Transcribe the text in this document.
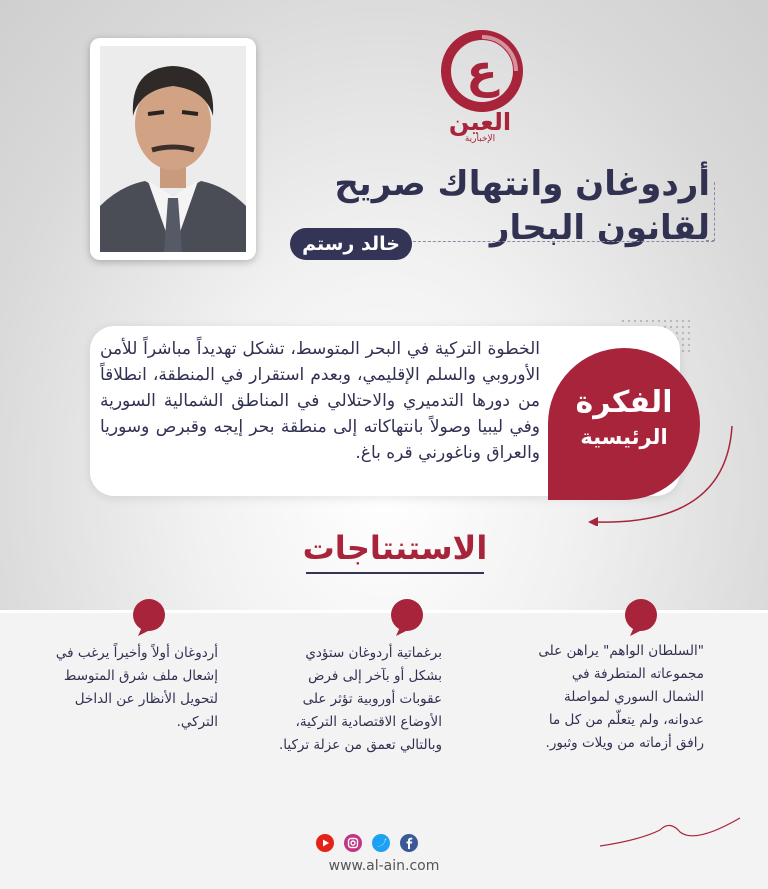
ع
العين
الإخبارية
أردوغان وانتهاك صريح لقانون البحار
خالد رستم
الخطوة التركية في البحر المتوسط، تشكل تهديداً مباشراً للأمن الأوروبي والسلم الإقليمي، وبعدم استقرار في المنطقة، انطلاقاً من دورها التدميري والاحتلالي في المناطق الشمالية السورية وفي ليبيا وصولاً بانتهاكاته إلى منطقة بحر إيجه وقبرص وسوريا والعراق وناغورني قره باغ.
الفكرة
الرئيسية
الاستنتاجات
"السلطان الواهم" يراهن على مجموعاته المتطرفة في الشمال السوري لمواصلة عدوانه، ولم يتعلّم من كل ما رافق أزماته من ويلات وثبور.
برغماتية أردوغان ستؤدي بشكل أو بآخر إلى فرض عقوبات أوروبية تؤثر على الأوضاع الاقتصادية التركية، وبالتالي تعمق من عزلة تركيا.
أردوغان أولاً وأخيراً يرغب في إشعال ملف شرق المتوسط لتحويل الأنظار عن الداخل التركي.
www.al-ain.com
